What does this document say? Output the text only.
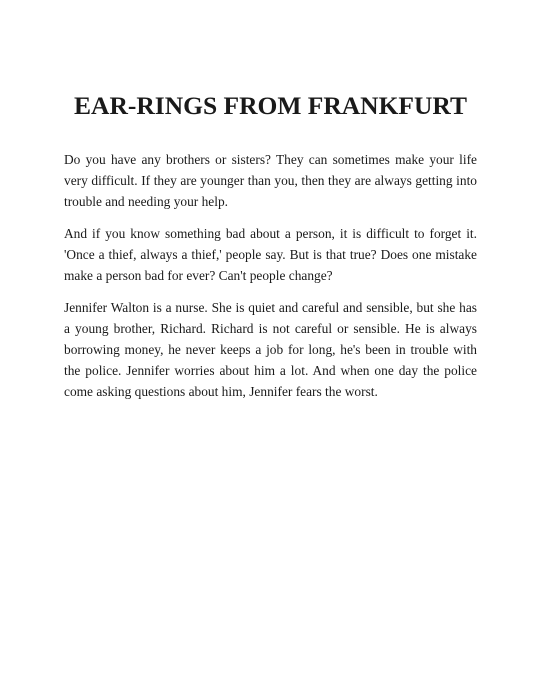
EAR-RINGS FROM FRANKFURT

Do you have any brothers or sisters? They can sometimes make your life very difficult. If they are younger than you, then they are always getting into trouble and needing your help.

And if you know something bad about a person, it is difficult to forget it. 'Once a thief, always a thief,' people say. But is that true? Does one mistake make a person bad for ever? Can't people change?

Jennifer Walton is a nurse. She is quiet and careful and sensible, but she has a young brother, Richard. Richard is not careful or sensible. He is always borrowing money, he never keeps a job for long, he's been in trouble with the police. Jennifer worries about him a lot. And when one day the police come asking questions about him, Jennifer fears the worst.
